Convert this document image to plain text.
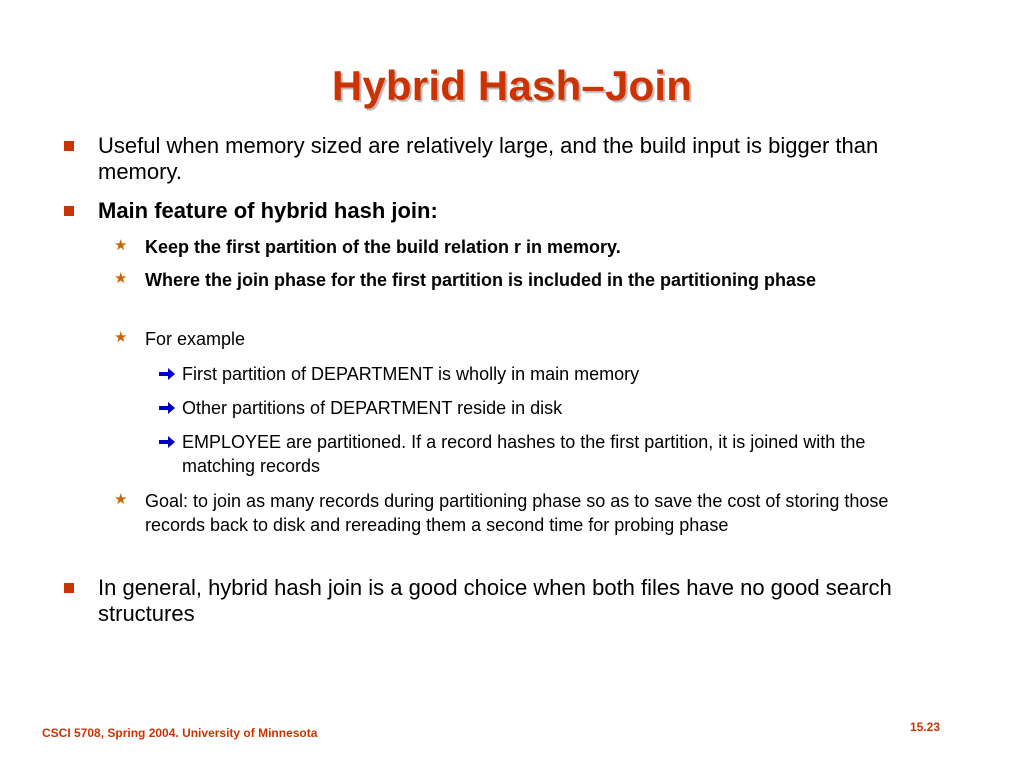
Hybrid Hash–Join
Useful when memory sized are relatively large, and the build input is bigger than memory.
Main feature of hybrid hash join:
★ Keep the first partition of the build relation r in memory.
★ Where the join phase for the first partition is included in the partitioning phase
★ For example
First partition of DEPARTMENT is wholly in main memory
Other partitions of DEPARTMENT reside in disk
EMPLOYEE are partitioned. If a record hashes to the first partition, it is joined with the matching records
★ Goal: to join as many records during partitioning phase so as to save the cost of storing those records back to disk and rereading them a second time for probing phase
In general, hybrid hash join is a good choice when both files have no good search structures
CSCI 5708, Spring 2004. University of Minnesota	15.23
